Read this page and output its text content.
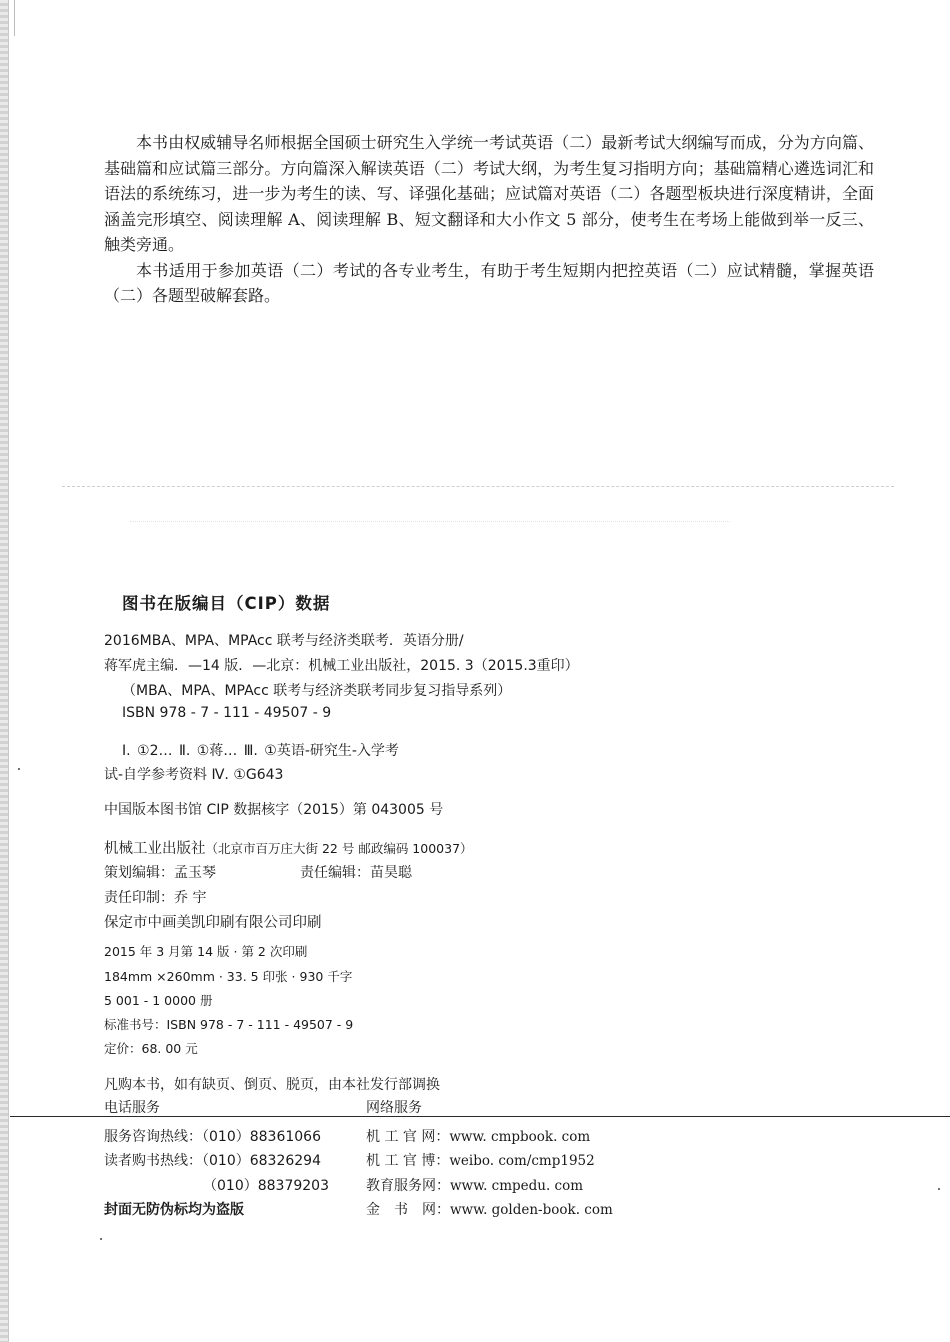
本书由权威辅导名师根据全国硕士研究生入学统一考试英语（二）最新考试大纲编写而成，分为方向篇、基础篇和应试篇三部分。方向篇深入解读英语（二）考试大纲，为考生复习指明方向；基础篇精心遴选词汇和语法的系统练习，进一步为考生的读、写、译强化基础；应试篇对英语（二）各题型板块进行深度精讲，全面涵盖完形填空、阅读理解 A、阅读理解 B、短文翻译和大小作文 5 部分，使考生在考场上能做到举一反三、触类旁通。

本书适用于参加英语（二）考试的各专业考生，有助于考生短期内把控英语（二）应试精髓，掌握英语（二）各题型破解套路。

图书在版编目（CIP）数据
2016MBA、MPA、MPAcc 联考与经济类联考．英语分册/
蒋军虎主编．—14 版．—北京：机械工业出版社，2015. 3（2015.3重印）
（MBA、MPA、MPAcc 联考与经济类联考同步复习指导系列）
ISBN 978 - 7 - 111 - 49507 - 9
Ⅰ. ①2… Ⅱ. ①蒋… Ⅲ. ①英语-研究生-入学考
试-自学参考资料 Ⅳ. ①G643
中国版本图书馆 CIP 数据核字（2015）第 043005 号
机械工业出版社（北京市百万庄大街 22 号 邮政编码 100037）
策划编辑：孟玉琴	责任编辑：苗昊聪
责任印制：乔 宇
保定市中画美凯印刷有限公司印刷
2015 年 3 月第 14 版 · 第 2 次印刷
184mm ×260mm · 33. 5 印张 · 930 千字
5 001 - 1 0000 册
标准书号：ISBN 978 - 7 - 111 - 49507 - 9
定价：68. 00 元
凡购本书，如有缺页、倒页、脱页，由本社发行部调换
电话服务	网络服务
服务咨询热线：（010）88361066
读者购书热线：（010）68326294
（010）88379203
封面无防伪标均为盗版
机 工 官 网：www. cmpbook. com
机 工 官 博：weibo. com/cmp1952
教育服务网：www. cmpedu. com
金　书　网：www. golden-book. com
